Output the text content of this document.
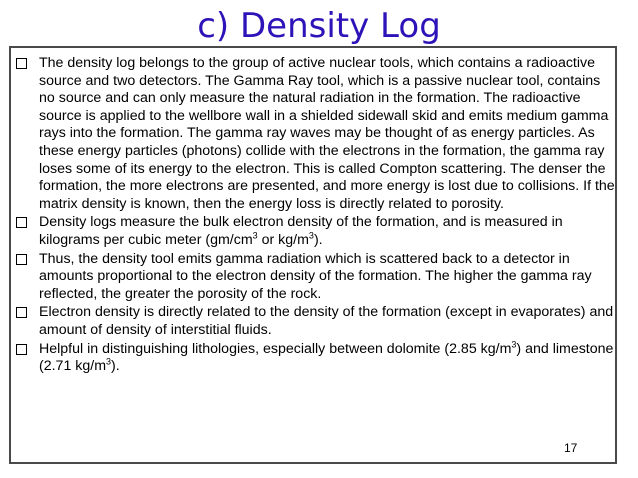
c) Density Log
The density log belongs to the group of active nuclear tools, which contains a radioactive source and two detectors. The Gamma Ray tool, which is a passive nuclear tool, contains no source and can only measure the natural radiation in the formation. The radioactive source is applied to the wellbore wall in a shielded sidewall skid and emits medium gamma rays into the formation. The gamma ray waves may be thought of as energy particles. As these energy particles (photons) collide with the electrons in the formation, the gamma ray loses some of its energy to the electron. This is called Compton scattering. The denser the formation, the more electrons are presented, and more energy is lost due to collisions. If the matrix density is known, then the energy loss is directly related to porosity.
Density logs measure the bulk electron density of the formation, and is measured in kilograms per cubic meter ($gm/cm^3$ or $kg/m^3$).
Thus, the density tool emits gamma radiation which is scattered back to a detector in amounts proportional to the electron density of the formation. The higher the gamma ray reflected, the greater the porosity of the rock.
Electron density is directly related to the density of the formation (except in evaporates) and amount of density of interstitial fluids.
Helpful in distinguishing lithologies, especially between dolomite (2.85 $kg/m^3$) and limestone (2.71 $kg/m^3$).
17
